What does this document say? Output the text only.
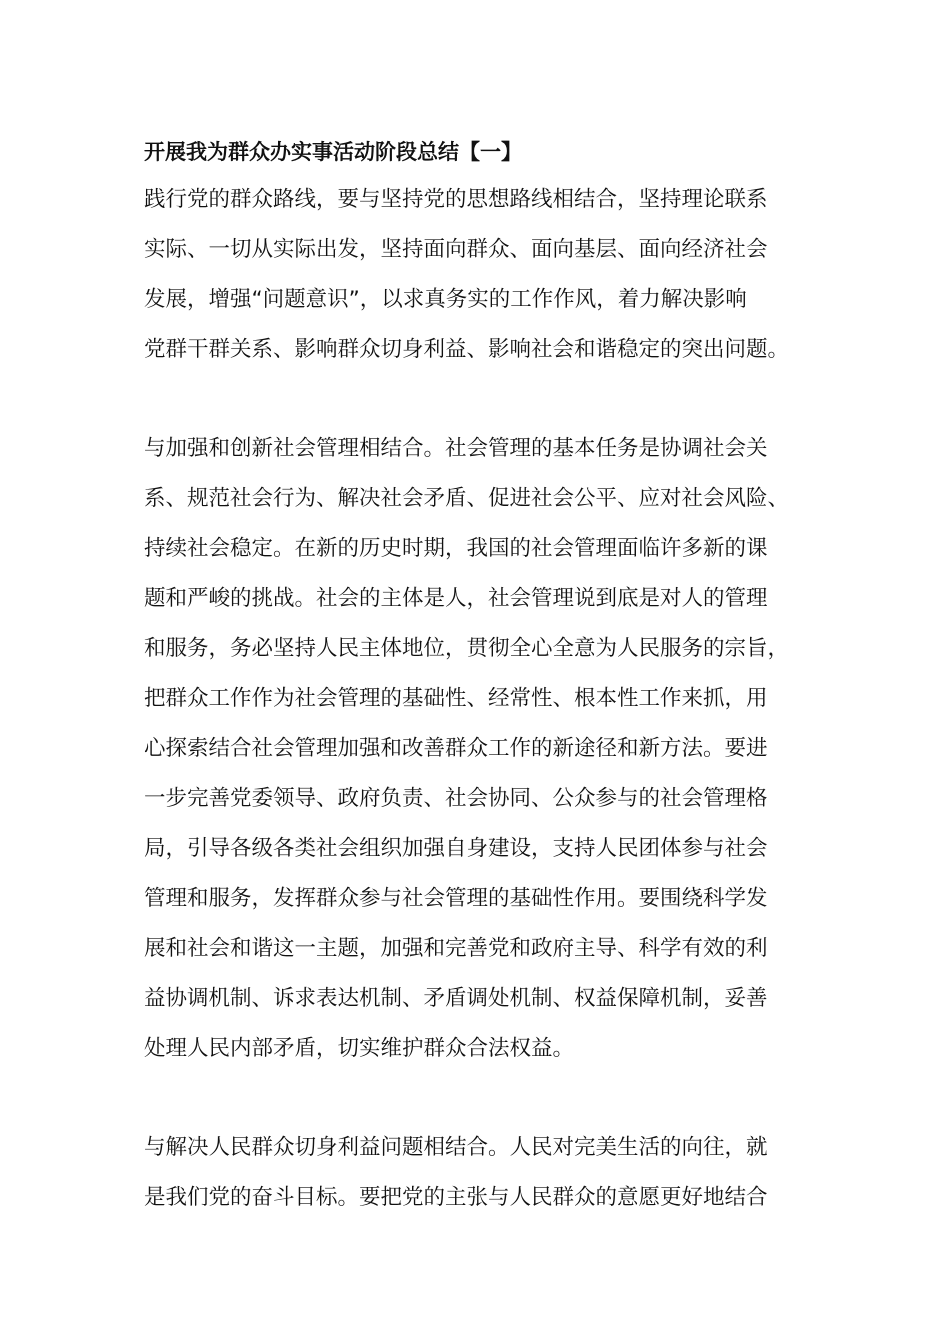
开展我为群众办实事活动阶段总结【一】
践行党的群众路线，要与坚持党的思想路线相结合，坚持理论联系
实际、一切从实际出发，坚持面向群众、面向基层、面向经济社会
发展，增强“问题意识”，以求真务实的工作作风，着力解决影响
党群干群关系、影响群众切身利益、影响社会和谐稳定的突出问题。
与加强和创新社会管理相结合。社会管理的基本任务是协调社会关
系、规范社会行为、解决社会矛盾、促进社会公平、应对社会风险、
持续社会稳定。在新的历史时期，我国的社会管理面临许多新的课
题和严峻的挑战。社会的主体是人，社会管理说到底是对人的管理
和服务，务必坚持人民主体地位，贯彻全心全意为人民服务的宗旨，
把群众工作作为社会管理的基础性、经常性、根本性工作来抓，用
心探索结合社会管理加强和改善群众工作的新途径和新方法。要进
一步完善党委领导、政府负责、社会协同、公众参与的社会管理格
局，引导各级各类社会组织加强自身建设，支持人民团体参与社会
管理和服务，发挥群众参与社会管理的基础性作用。要围绕科学发
展和社会和谐这一主题，加强和完善党和政府主导、科学有效的利
益协调机制、诉求表达机制、矛盾调处机制、权益保障机制，妥善
处理人民内部矛盾，切实维护群众合法权益。
与解决人民群众切身利益问题相结合。人民对完美生活的向往，就
是我们党的奋斗目标。要把党的主张与人民群众的意愿更好地结合
